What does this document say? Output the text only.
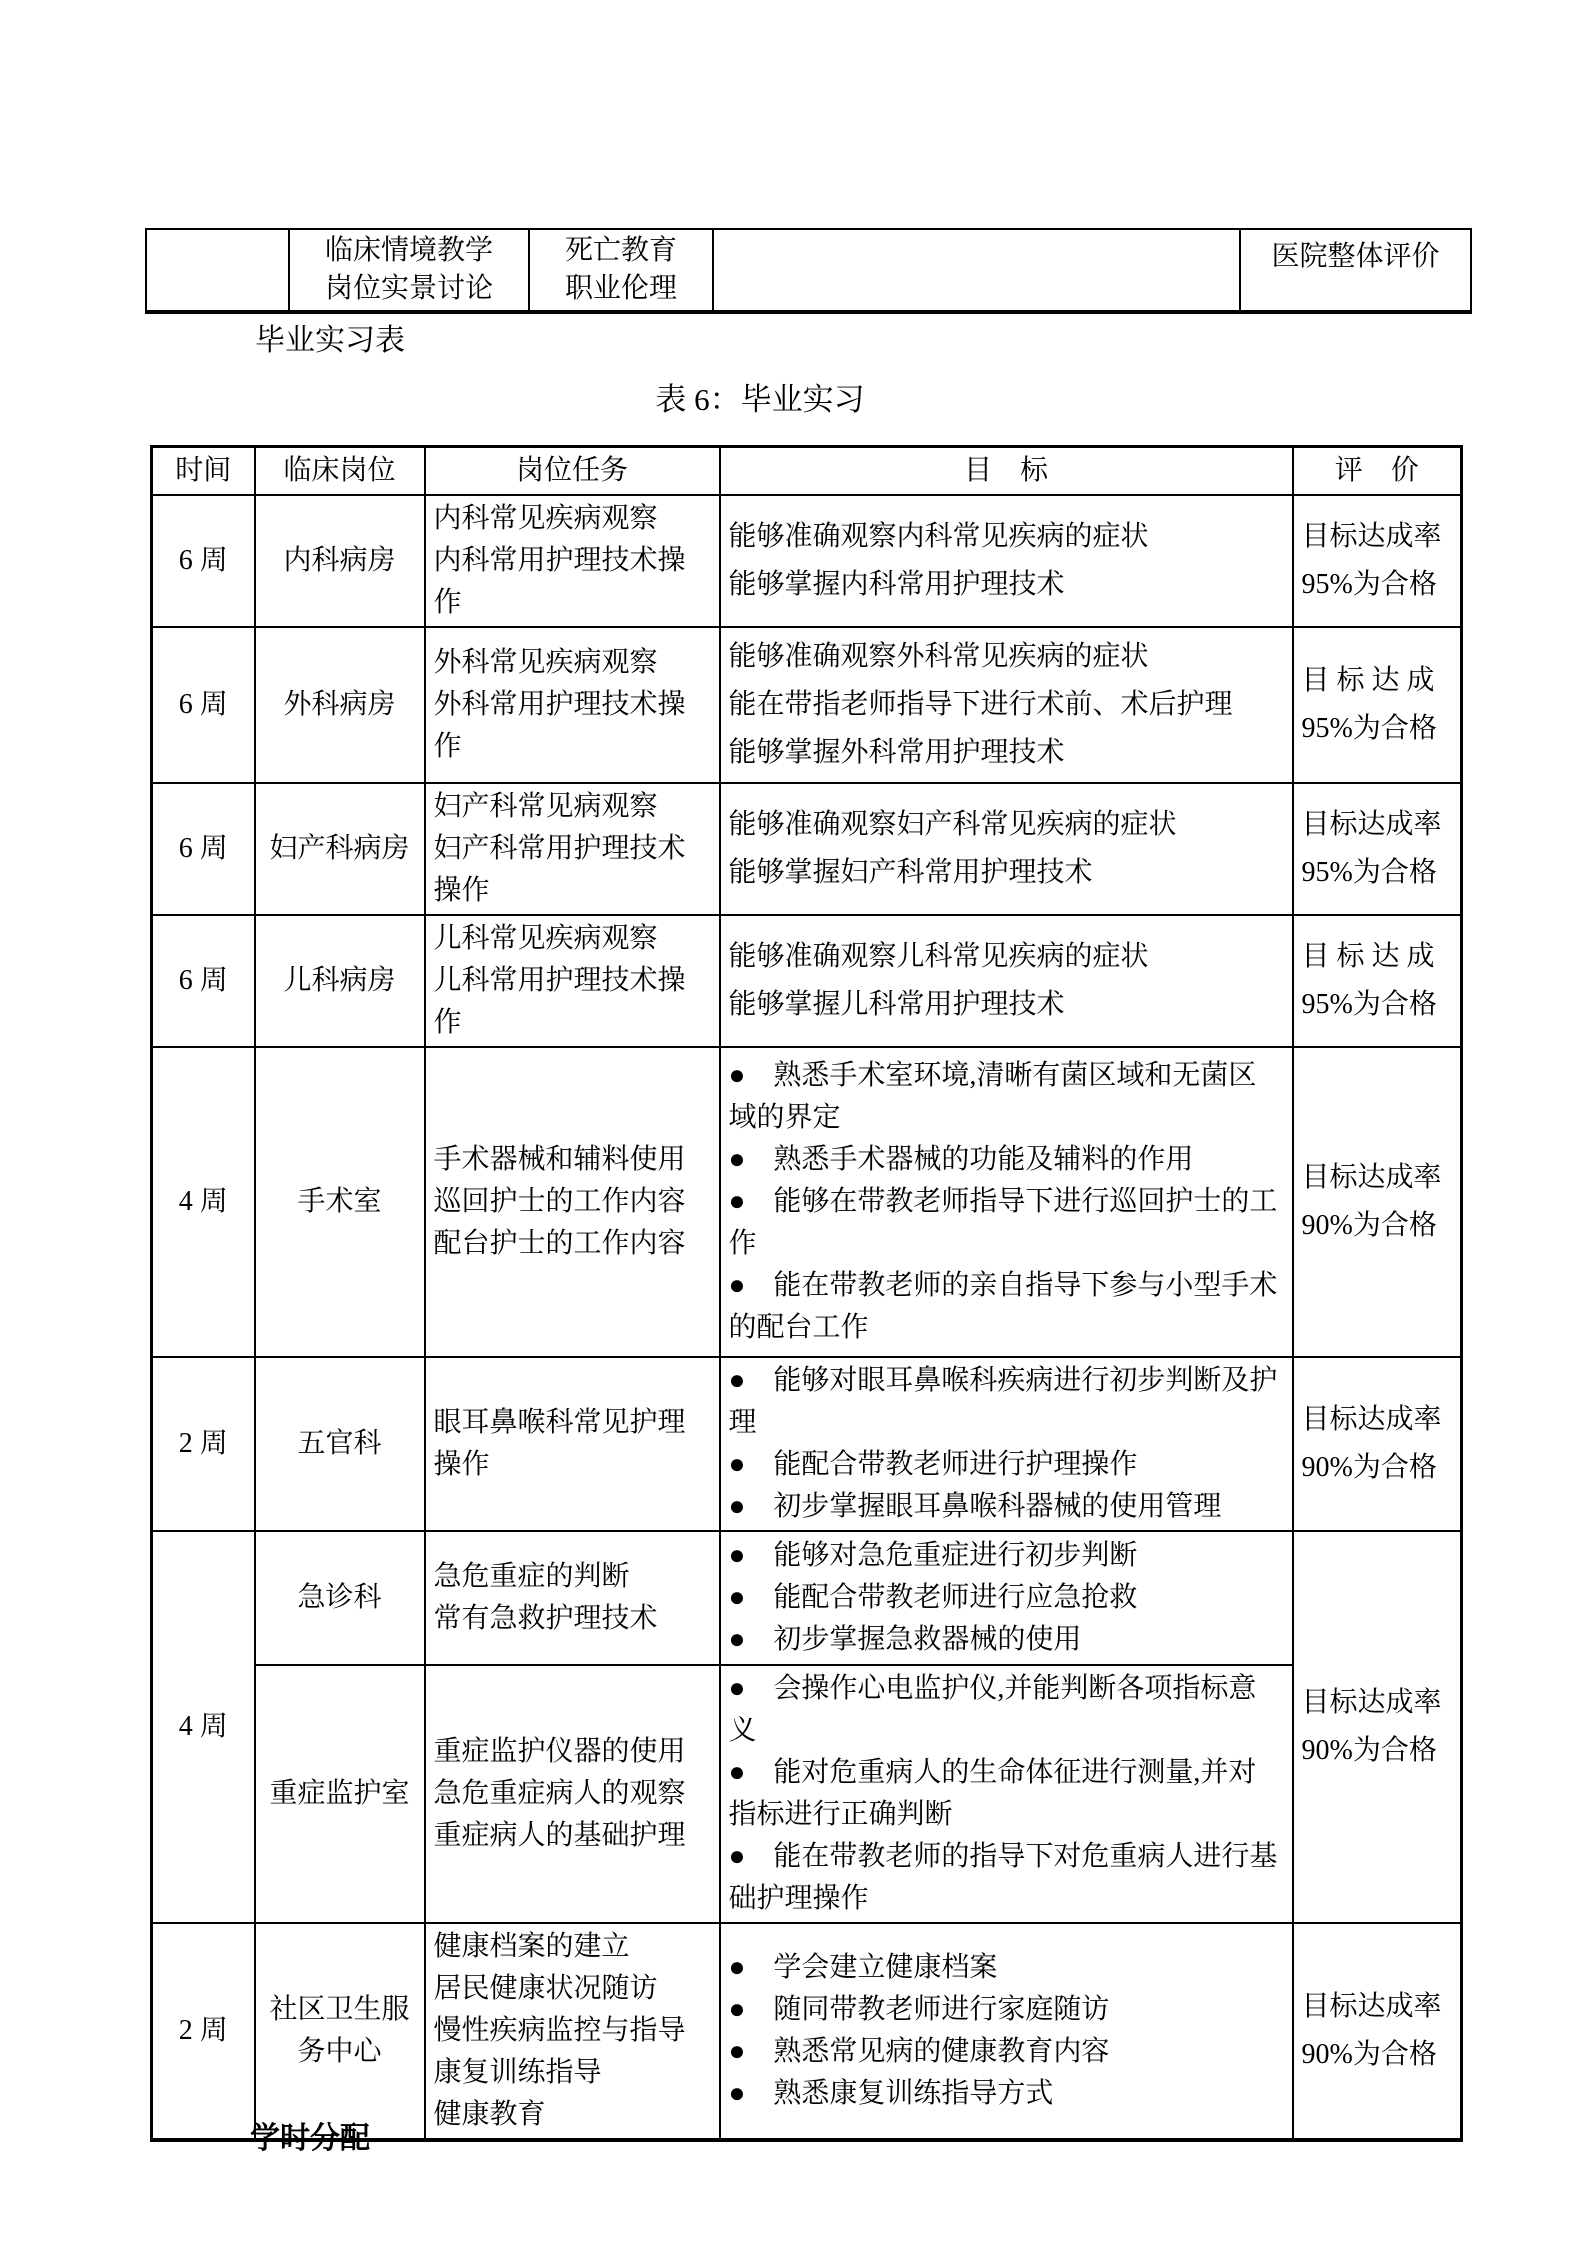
临床情境教学
岗位实景讨论

死亡教育
职业伦理

医院整体评价
毕业实习表
表 6：毕业实习
时间	临床岗位	岗位任务	目　标	评　价
6 周	内科病房	
内科常见疾病观察
内科常用护理技术操作

能够准确观察内科常见疾病的症状
能够掌握内科常用护理技术

目标达成率
95%为合格

6 周	外科病房	
外科常见疾病观察
外科常用护理技术操作

能够准确观察外科常见疾病的症状
能在带指老师指导下进行术前、术后护理
能够掌握外科常用护理技术

目 标 达 成
95%为合格

6 周	妇产科病房	
妇产科常见病观察
妇产科常用护理技术操作

能够准确观察妇产科常见疾病的症状
能够掌握妇产科常用护理技术

目标达成率
95%为合格

6 周	儿科病房	
儿科常见疾病观察
儿科常用护理技术操作

能够准确观察儿科常见疾病的症状
能够掌握儿科常用护理技术

目 标 达 成
95%为合格

4 周	手术室	
手术器械和辅料使用
巡回护士的工作内容
配台护士的工作内容

●　熟悉手术室环境,清晰有菌区域和无菌区域的界定
●　熟悉手术器械的功能及辅料的作用
●　能够在带教老师指导下进行巡回护士的工作
●　能在带教老师的亲自指导下参与小型手术的配台工作

目标达成率
90%为合格

2 周	五官科	
眼耳鼻喉科常见护理操作

●　能够对眼耳鼻喉科疾病进行初步判断及护理
●　能配合带教老师进行护理操作
●　初步掌握眼耳鼻喉科器械的使用管理

目标达成率
90%为合格

4 周	急诊科	
急危重症的判断
常有急救护理技术

●　能够对急危重症进行初步判断
●　能配合带教老师进行应急抢救
●　初步掌握急救器械的使用

目标达成率
90%为合格

重症监护室	
重症监护仪器的使用
急危重症病人的观察
重症病人的基础护理

●　会操作心电监护仪,并能判断各项指标意义
●　能对危重病人的生命体征进行测量,并对指标进行正确判断
●　能在带教老师的指导下对危重病人进行基础护理操作

2 周	社区卫生服务中心	
健康档案的建立
居民健康状况随访
慢性疾病监控与指导
康复训练指导
健康教育

●　学会建立健康档案
●　随同带教老师进行家庭随访
●　熟悉常见病的健康教育内容
●　熟悉康复训练指导方式

目标达成率
90%为合格
学时分配
